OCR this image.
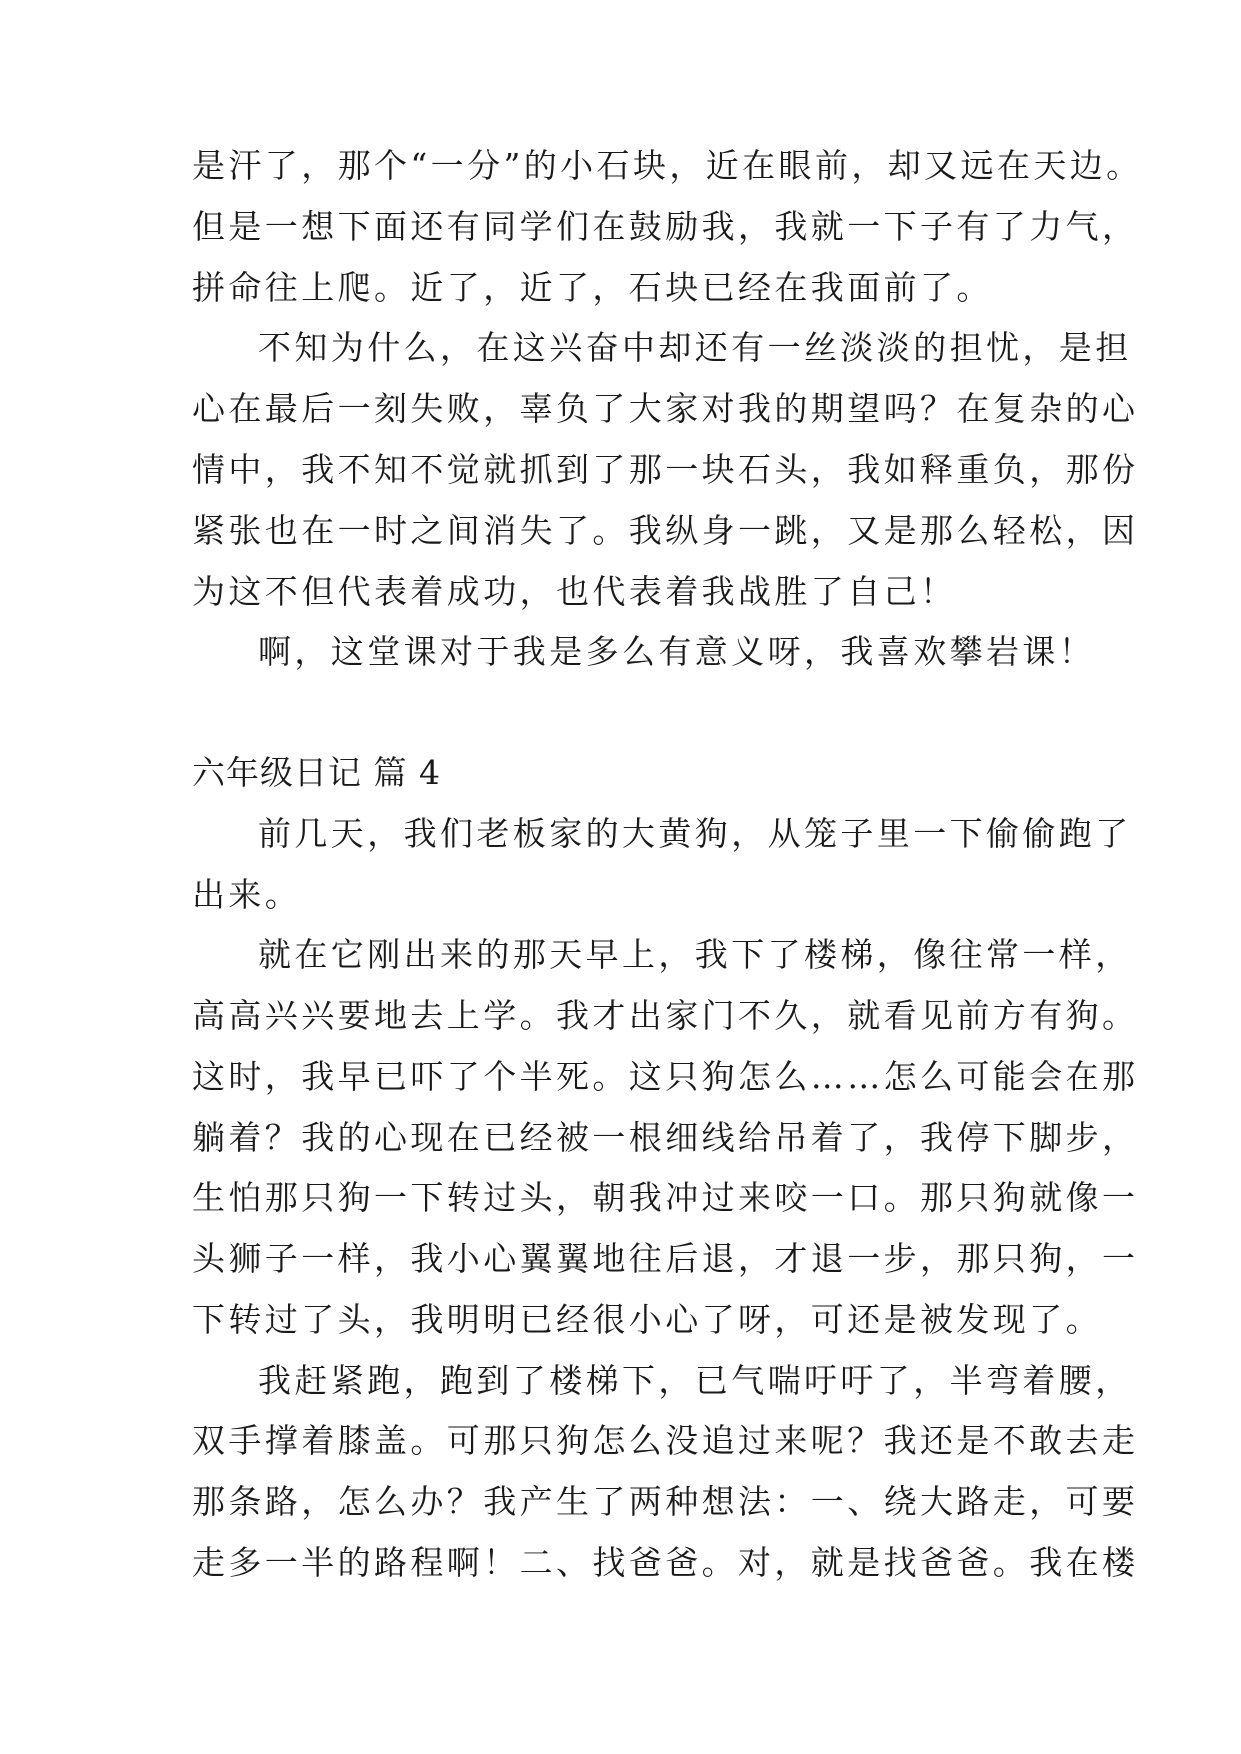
是汗了，那个“一分”的小石块，近在眼前，却又远在天边。
但是一想下面还有同学们在鼓励我，我就一下子有了力气，
拼命往上爬。近了，近了，石块已经在我面前了。
不知为什么，在这兴奋中却还有一丝淡淡的担忧，是担
心在最后一刻失败，辜负了大家对我的期望吗？在复杂的心
情中，我不知不觉就抓到了那一块石头，我如释重负，那份
紧张也在一时之间消失了。我纵身一跳，又是那么轻松，因
为这不但代表着成功，也代表着我战胜了自己！
啊，这堂课对于我是多么有意义呀，我喜欢攀岩课！
六年级日记 篇 4
前几天，我们老板家的大黄狗，从笼子里一下偷偷跑了
出来。
就在它刚出来的那天早上，我下了楼梯，像往常一样，
高高兴兴要地去上学。我才出家门不久，就看见前方有狗。
这时，我早已吓了个半死。这只狗怎么……怎么可能会在那
躺着？我的心现在已经被一根细线给吊着了，我停下脚步，
生怕那只狗一下转过头，朝我冲过来咬一口。那只狗就像一
头狮子一样，我小心翼翼地往后退，才退一步，那只狗，一
下转过了头，我明明已经很小心了呀，可还是被发现了。
我赶紧跑，跑到了楼梯下，已气喘吁吁了，半弯着腰，
双手撑着膝盖。可那只狗怎么没追过来呢？我还是不敢去走
那条路，怎么办？我产生了两种想法：一、绕大路走，可要
走多一半的路程啊！二、找爸爸。对，就是找爸爸。我在楼
